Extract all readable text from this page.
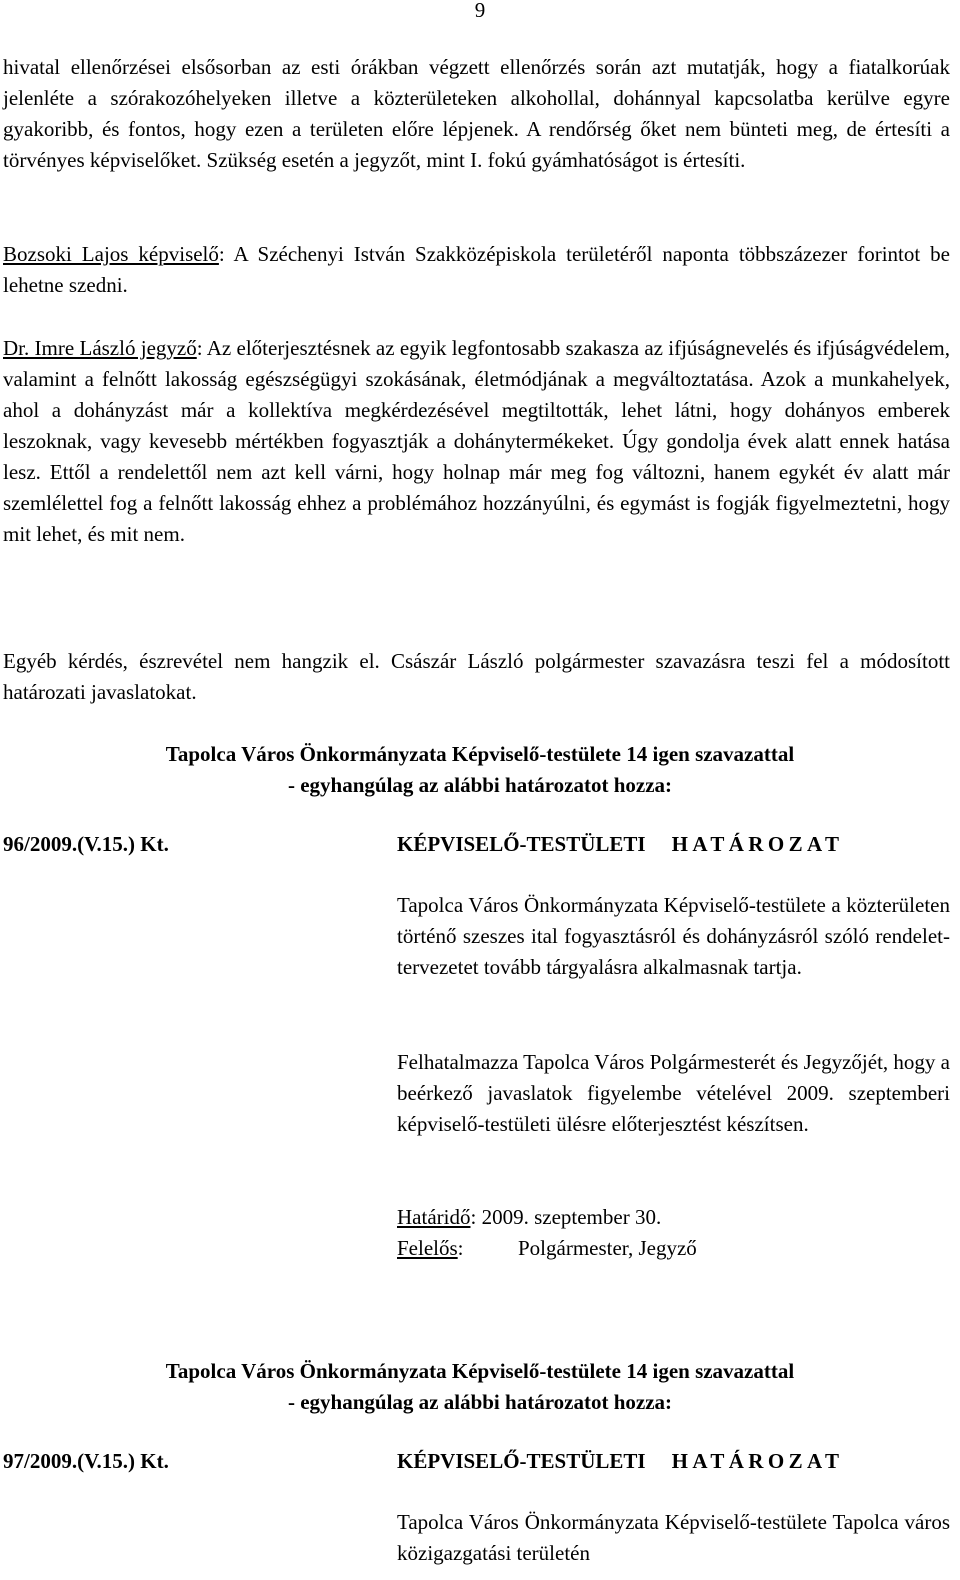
9

hivatal ellenőrzései elsősorban az esti órákban végzett ellenőrzés során azt mutatják, hogy a fiatalkorúak jelenléte a szórakozóhelyeken illetve a közterületeken alkohollal, dohánnyal kapcsolatba kerülve egyre gyakoribb, és fontos, hogy ezen a területen előre lépjenek. A rendőrség őket nem bünteti meg, de értesíti a törvényes képviselőket. Szükség esetén a jegyzőt, mint I. fokú gyámhatóságot is értesíti.

Bozsoki Lajos képviselő: A Széchenyi István Szakközépiskola területéről naponta többszázezer forintot be lehetne szedni.

Dr. Imre László jegyző: Az előterjesztésnek az egyik legfontosabb szakasza az ifjúságnevelés és ifjúságvédelem, valamint a felnőtt lakosság egészségügyi szokásának, életmódjának a megváltoztatása. Azok a munkahelyek, ahol a dohányzást már a kollektíva megkérdezésével megtiltották, lehet látni, hogy dohányos emberek leszoknak, vagy kevesebb mértékben fogyasztják a dohánytermékeket. Úgy gondolja évek alatt ennek hatása lesz. Ettől a rendelettől nem azt kell várni, hogy holnap már meg fog változni, hanem egykét év alatt már szemlélettel fog a felnőtt lakosság ehhez a problémához hozzányúlni, és egymást is fogják figyelmeztetni, hogy mit lehet, és mit nem.

Egyéb kérdés, észrevétel nem hangzik el. Császár László polgármester szavazásra teszi fel a módosított határozati javaslatokat.

Tapolca Város Önkormányzata Képviselő-testülete 14 igen szavazattal

- egyhangúlag az alábbi határozatot hozza:

96/2009.(V.15.) Kt.	KÉPVISELŐ-TESTÜLETI HATÁROZAT

Tapolca Város Önkormányzata Képviselő-testülete a közterületen történő szeszes ital fogyasztásról és dohányzásról szóló rendelet-tervezetet tovább tárgyalásra alkalmasnak tartja.

Felhatalmazza Tapolca Város Polgármesterét és Jegyzőjét, hogy a beérkező javaslatok figyelembe vételével 2009. szeptemberi képviselő-testületi ülésre előterjesztést készítsen.

Határidő: 2009. szeptember 30.
Felelős:	Polgármester, Jegyző

Tapolca Város Önkormányzata Képviselő-testülete 14 igen szavazattal

- egyhangúlag az alábbi határozatot hozza:

97/2009.(V.15.) Kt.	KÉPVISELŐ-TESTÜLETI HATÁROZAT

Tapolca Város Önkormányzata Képviselő-testülete Tapolca város közigazgatási területén
